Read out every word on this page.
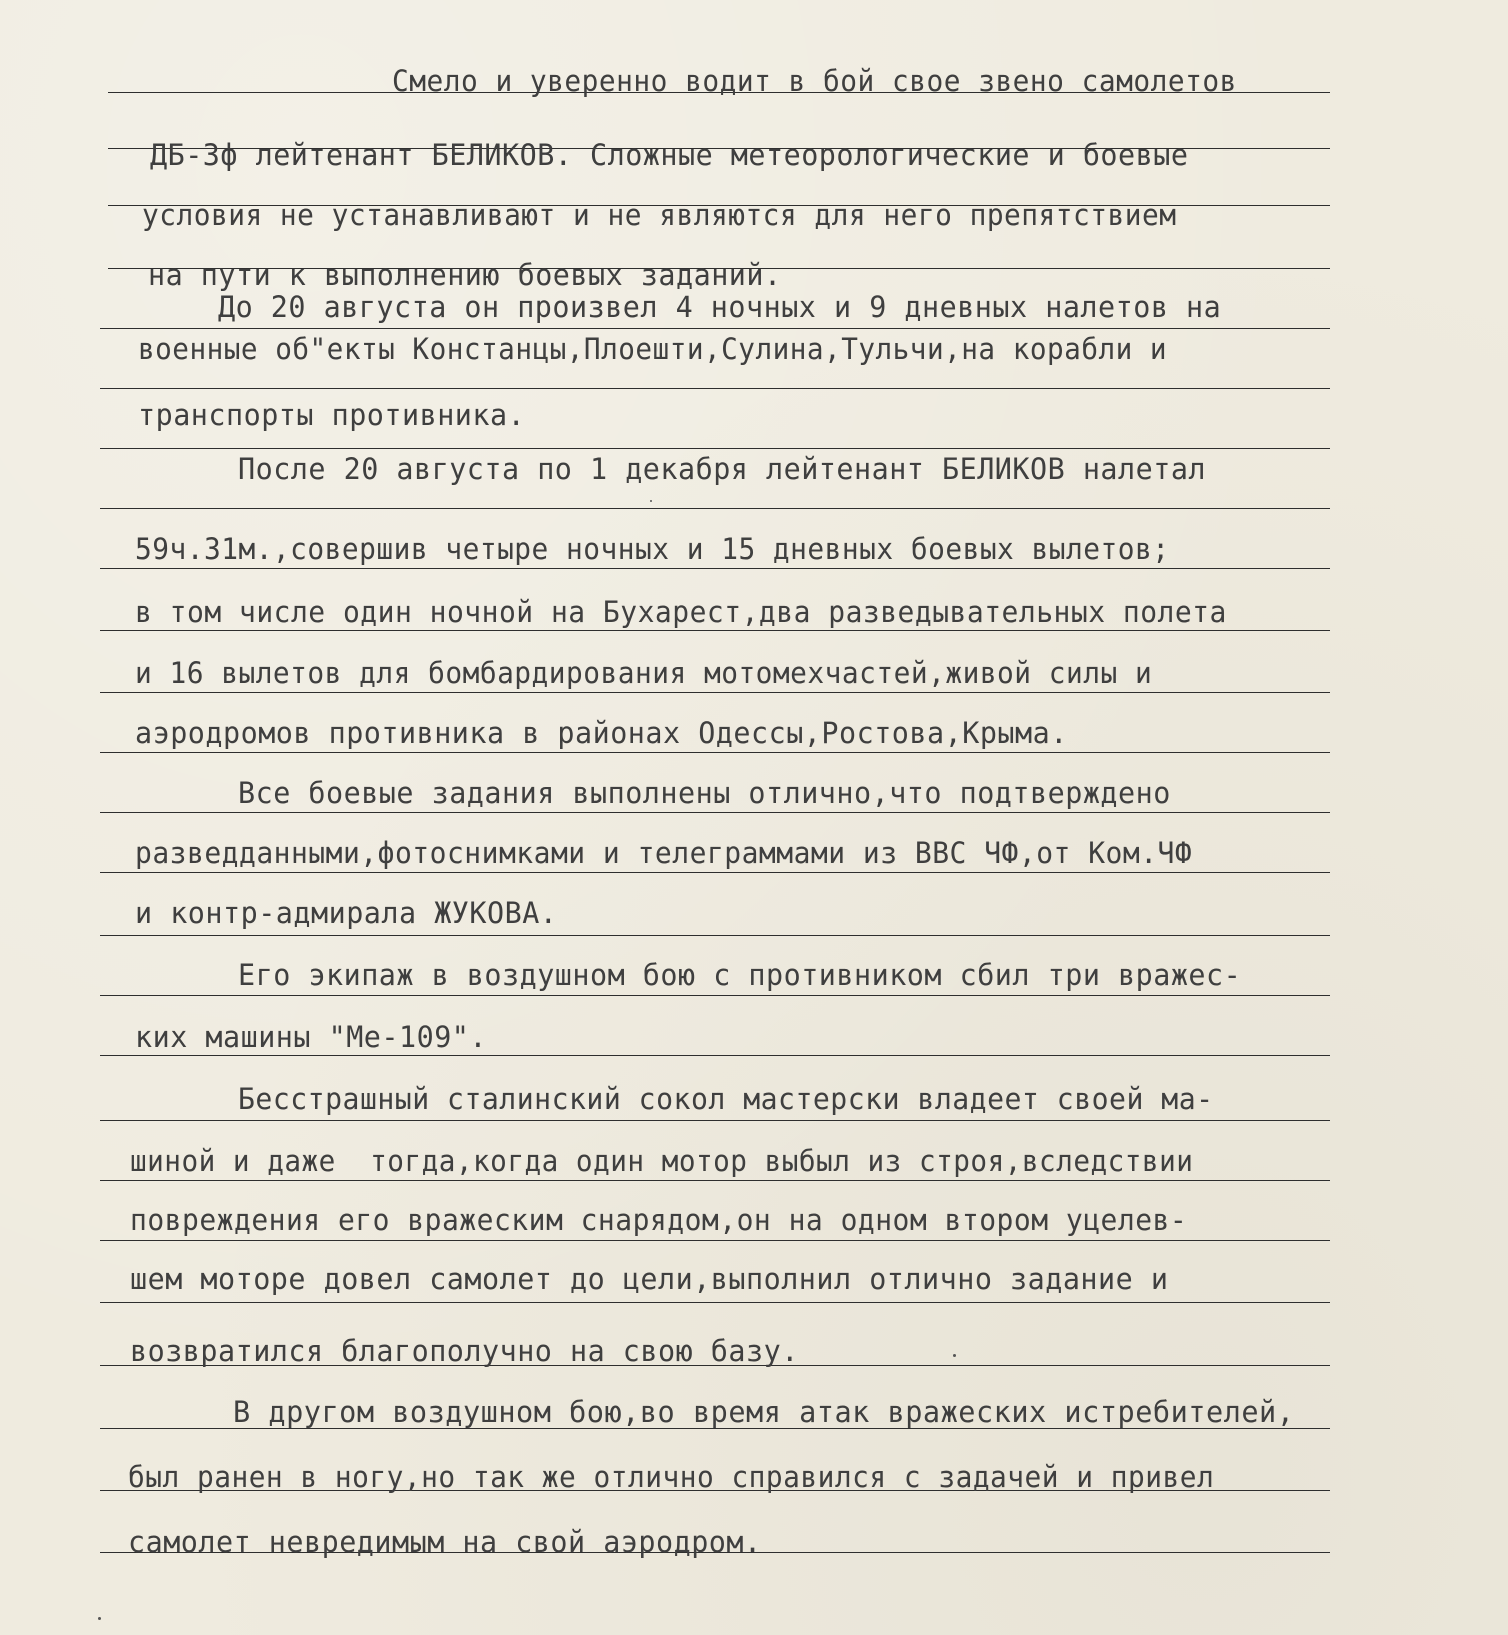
Смело и уверенно водит в бой свое звено самолетов
ДБ-3ф лейтенант БЕЛИКОВ. Сложные метеорологические и боевые
условия не устанавливают и не являются для него препятствием
на пути к выполнению боевых заданий.
До 20 августа он произвел 4 ночных и 9 дневных налетов на
военные об"екты Констанцы,Плоешти,Сулина,Тульчи,на корабли и
транспорты противника.
После 20 августа по 1 декабря лейтенант БЕЛИКОВ налетал
59ч.31м.,совершив четыре ночных и 15 дневных боевых вылетов;
в том числе один ночной на Бухарест,два разведывательных полета
и 16 вылетов для бомбардирования мотомехчастей,живой силы и
аэродромов противника в районах Одессы,Ростова,Крыма.
Все боевые задания выполнены отлично,что подтверждено
разведданными,фотоснимками и телеграммами из ВВС ЧФ,от Ком.ЧФ
и контр-адмирала ЖУКОВА.
Его экипаж в воздушном бою с противником сбил три вражес-
ких машины "Ме-109".
Бесстрашный сталинский сокол мастерски владеет своей ма-
шиной и даже  тогда,когда один мотор выбыл из строя,вследствии
повреждения его вражеским снарядом,он на одном втором уцелев-
шем моторе довел самолет до цели,выполнил отлично задание и
возвратился благополучно на свою базу.
В другом воздушном бою,во время атак вражеских истребителей,
был ранен в ногу,но так же отлично справился с задачей и привел
самолет невредимым на свой аэродром.
